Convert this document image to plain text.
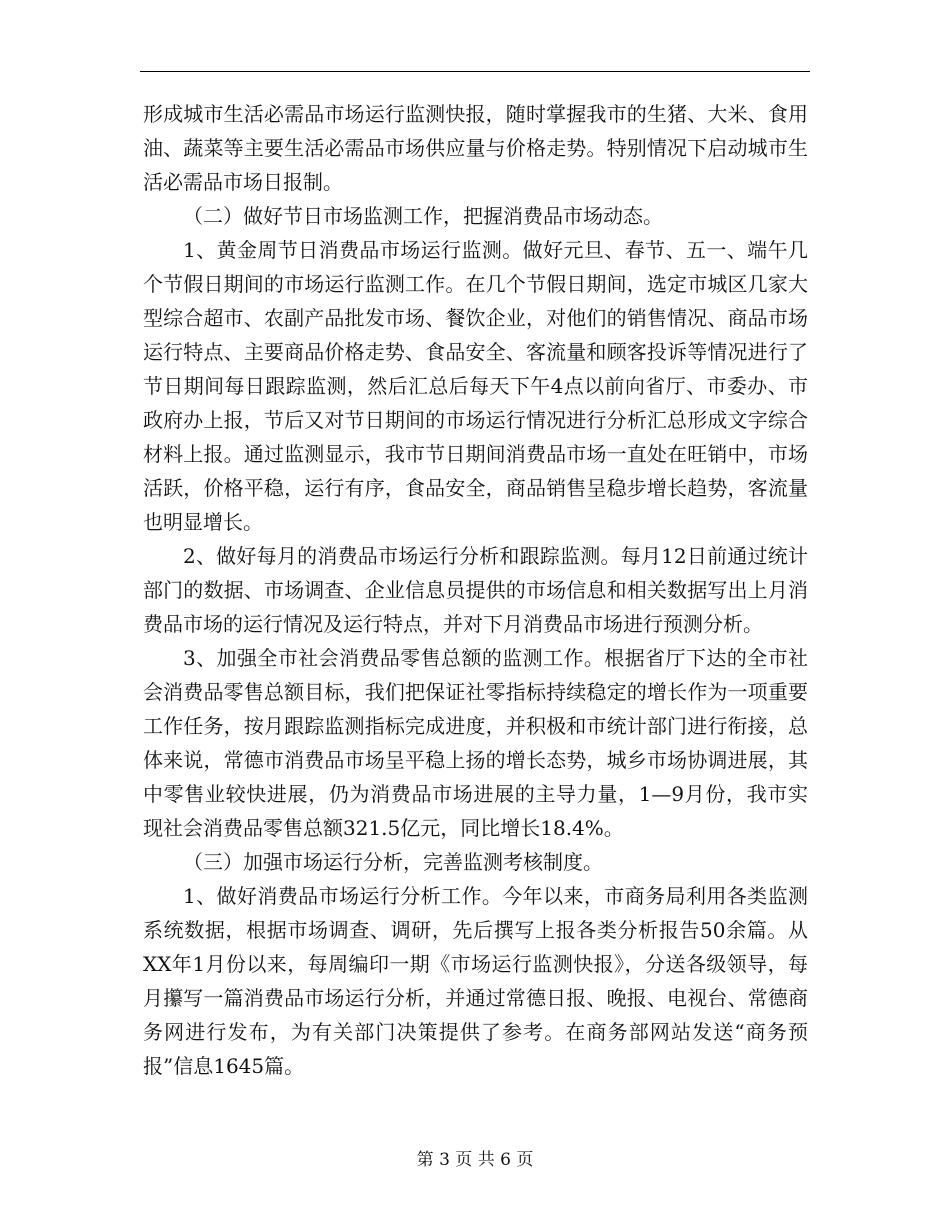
形成城市生活必需品市场运行监测快报，随时掌握我市的生猪、大米、食用油、蔬菜等主要生活必需品市场供应量与价格走势。特别情况下启动城市生活必需品市场日报制。

（二）做好节日市场监测工作，把握消费品市场动态。

1、黄金周节日消费品市场运行监测。做好元旦、春节、五一、端午几个节假日期间的市场运行监测工作。在几个节假日期间，选定市城区几家大型综合超市、农副产品批发市场、餐饮企业，对他们的销售情况、商品市场运行特点、主要商品价格走势、食品安全、客流量和顾客投诉等情况进行了节日期间每日跟踪监测，然后汇总后每天下午4点以前向省厅、市委办、市政府办上报，节后又对节日期间的市场运行情况进行分析汇总形成文字综合材料上报。通过监测显示，我市节日期间消费品市场一直处在旺销中，市场活跃，价格平稳，运行有序，食品安全，商品销售呈稳步增长趋势，客流量也明显增长。

2、做好每月的消费品市场运行分析和跟踪监测。每月12日前通过统计部门的数据、市场调查、企业信息员提供的市场信息和相关数据写出上月消费品市场的运行情况及运行特点，并对下月消费品市场进行预测分析。

3、加强全市社会消费品零售总额的监测工作。根据省厅下达的全市社会消费品零售总额目标，我们把保证社零指标持续稳定的增长作为一项重要工作任务，按月跟踪监测指标完成进度，并积极和市统计部门进行衔接，总体来说，常德市消费品市场呈平稳上扬的增长态势，城乡市场协调进展，其中零售业较快进展，仍为消费品市场进展的主导力量，1—9月份，我市实现社会消费品零售总额321.5亿元，同比增长18.4%。

（三）加强市场运行分析，完善监测考核制度。

1、做好消费品市场运行分析工作。今年以来，市商务局利用各类监测系统数据，根据市场调查、调研，先后撰写上报各类分析报告50余篇。从XX年1月份以来，每周编印一期《市场运行监测快报》，分送各级领导，每月攥写一篇消费品市场运行分析，并通过常德日报、晚报、电视台、常德商务网进行发布，为有关部门决策提供了参考。在商务部网站发送“商务预报”信息1645篇。

第 3 页 共 6 页
